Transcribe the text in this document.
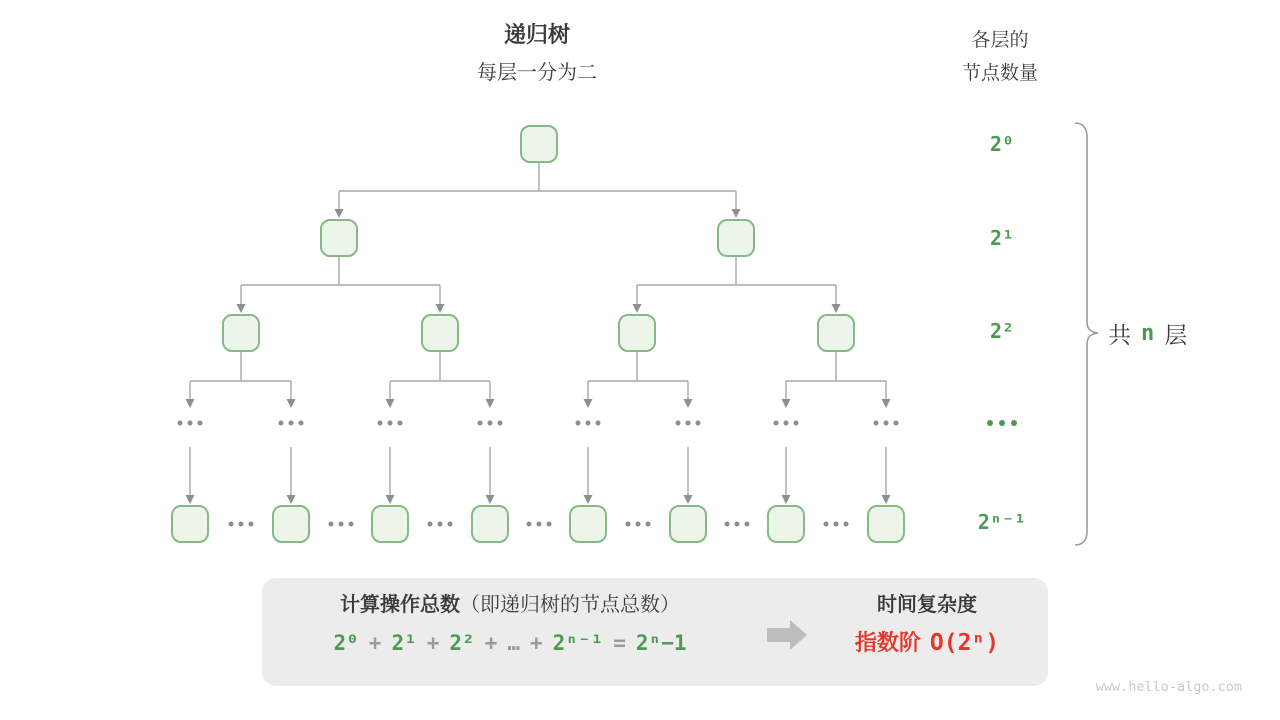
递归树
每层一分为二
各层的
节点数量
2⁰
2¹
2²
2ⁿ⁻¹
共 n 层
计算操作总数（即递归树的节点总数）
2⁰ + 2¹ + 2² + … + 2ⁿ⁻¹ = 2ⁿ−1
时间复杂度
指数阶 O(2ⁿ)
www.hello-algo.com
